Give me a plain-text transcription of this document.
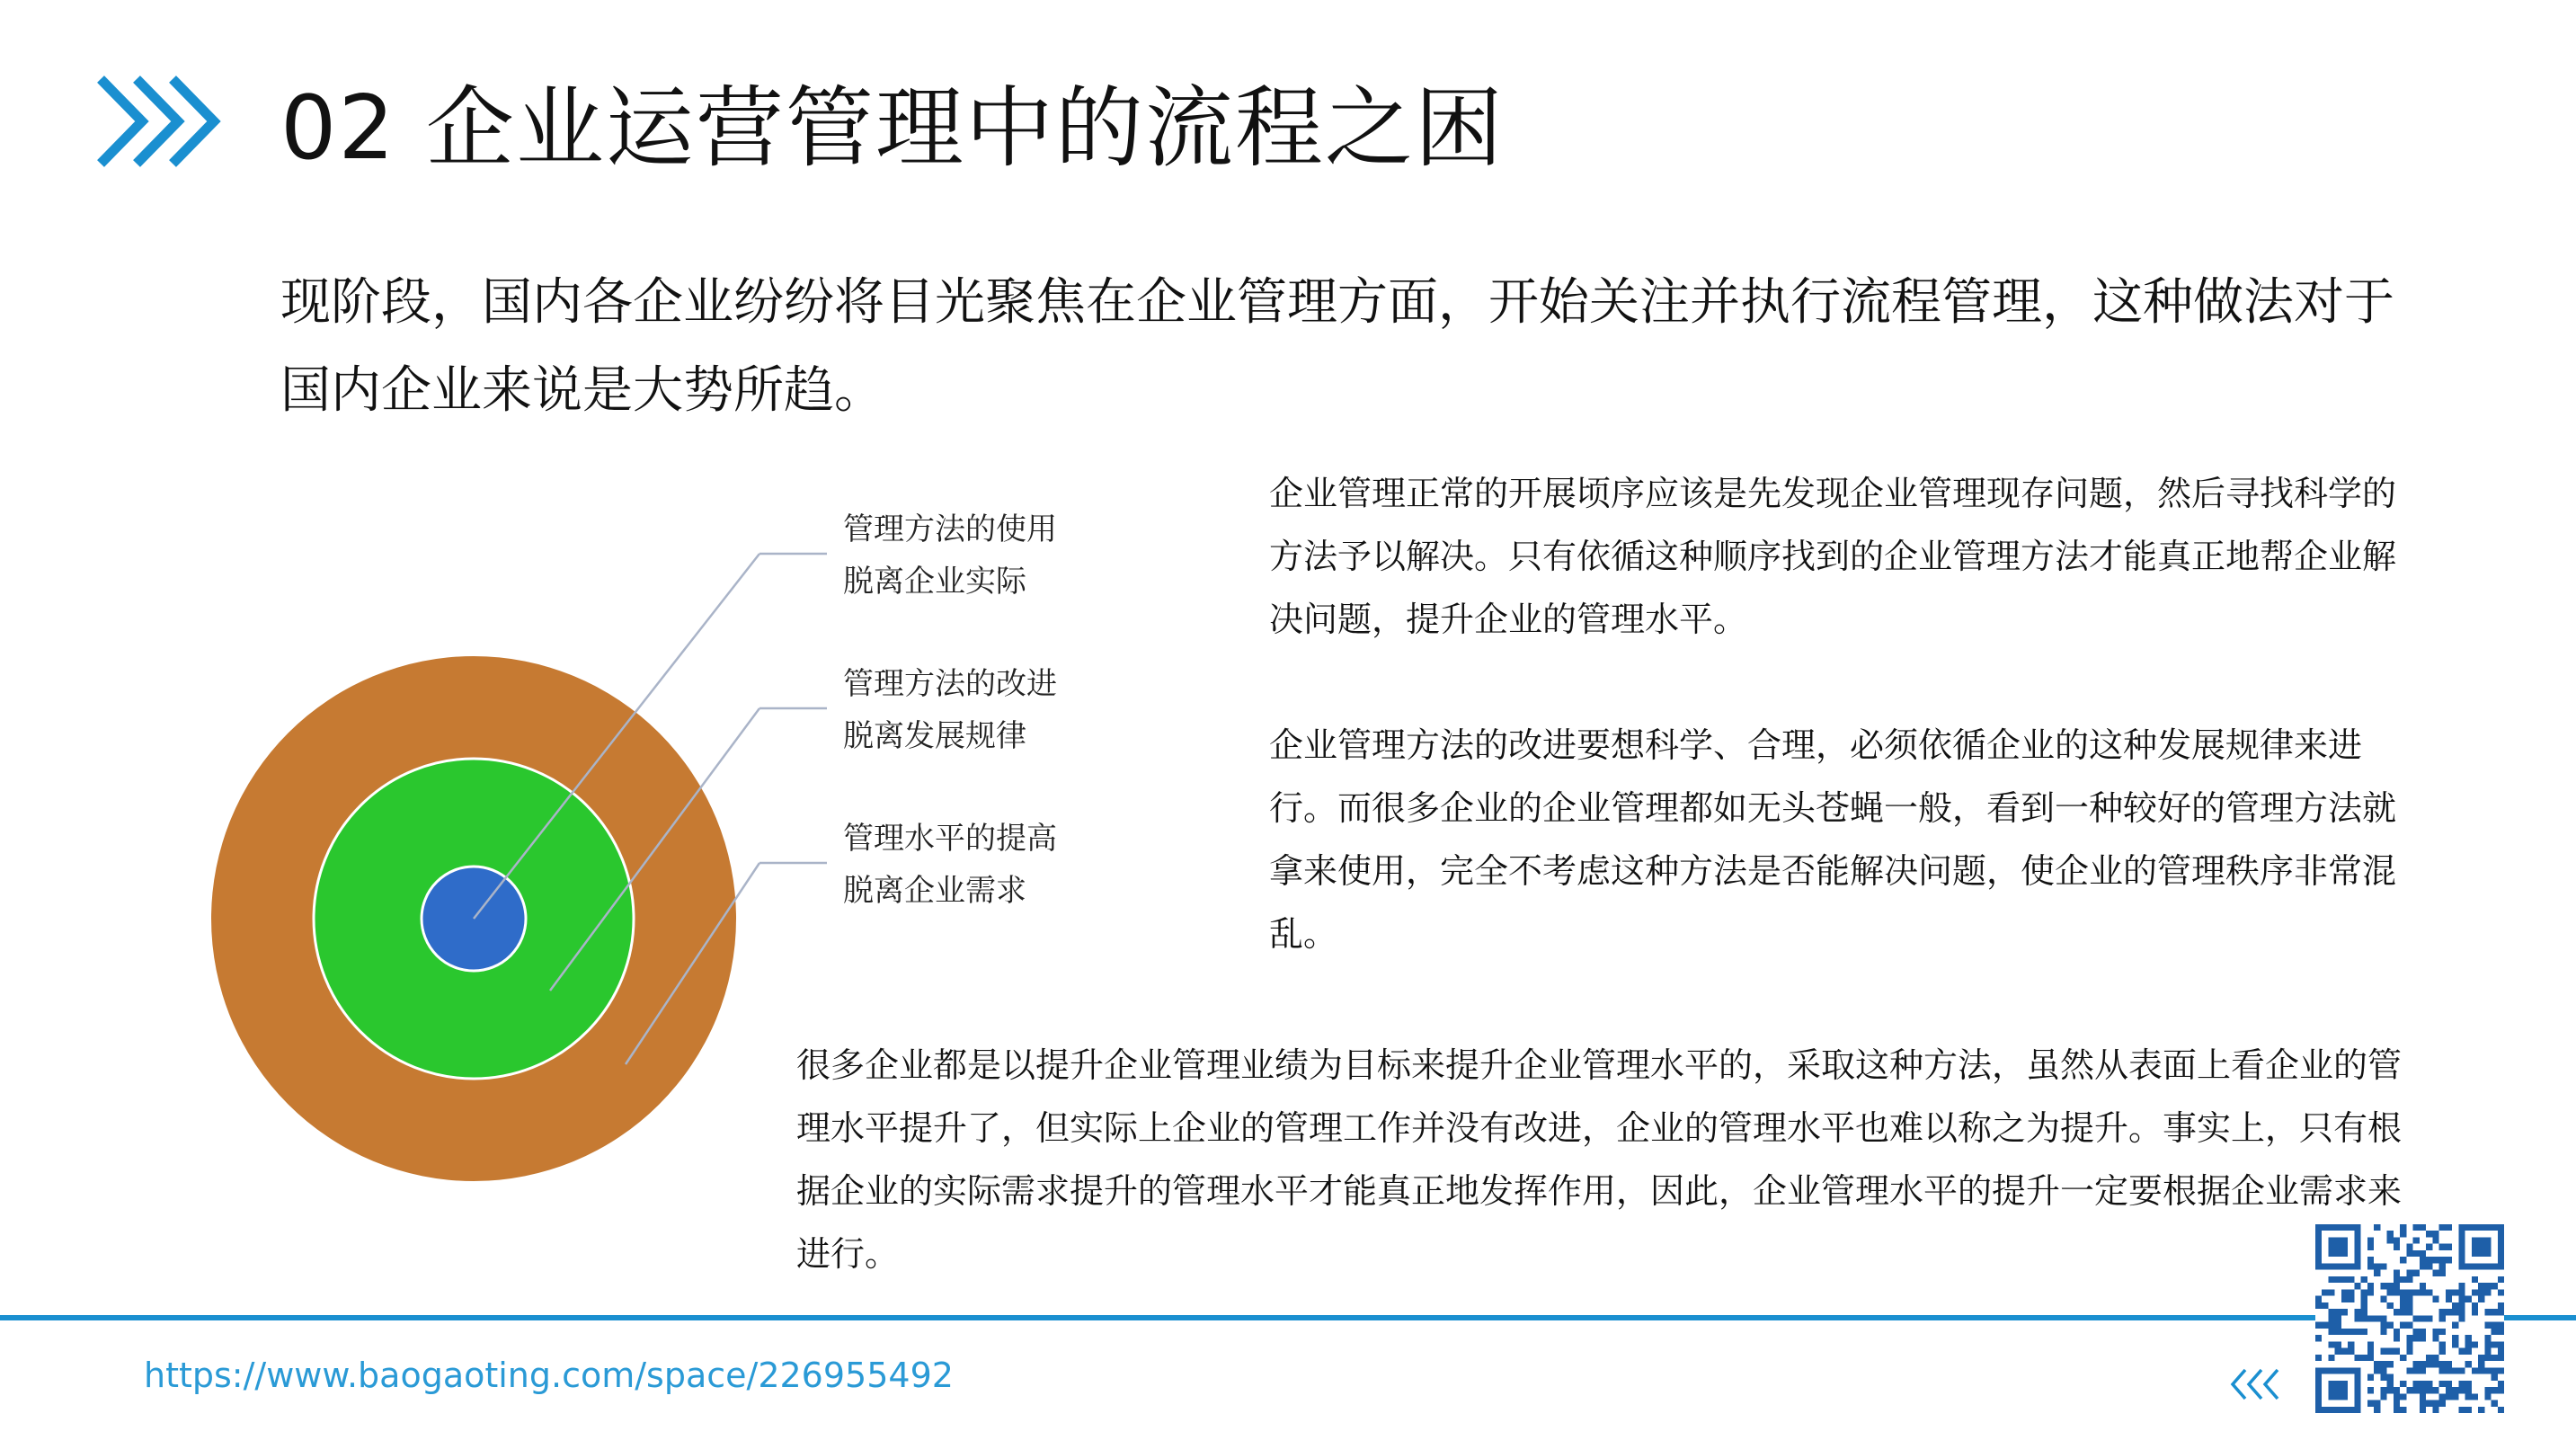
02 企业运营管理中的流程之困
现阶段，国内各企业纷纷将目光聚焦在企业管理方面，开始关注并执行流程管理，这种做法对于国内企业来说是大势所趋。
管理方法的使用
脱离企业实际
管理方法的改进
脱离发展规律
管理水平的提高
脱离企业需求
企业管理正常的开展顷序应该是先发现企业管理现存问题，然后寻找科学的方法予以解决。只有依循这种顺序找到的企业管理方法才能真正地帮企业解决问题，提升企业的管理水平。
企业管理方法的改进要想科学、合理，必须依循企业的这种发展规律来进行。而很多企业的企业管理都如无头苍蝇一般，看到一种较好的管理方法就拿来使用，完全不考虑这种方法是否能解决问题，使企业的管理秩序非常混乱。
很多企业都是以提升企业管理业绩为目标来提升企业管理水平的，采取这种方法，虽然从表面上看企业的管理水平提升了，但实际上企业的管理工作并没有改进，企业的管理水平也难以称之为提升。事实上，只有根据企业的实际需求提升的管理水平才能真正地发挥作用，因此，企业管理水平的提升一定要根据企业需求来进行。
https://www.baogaoting.com/space/226955492
